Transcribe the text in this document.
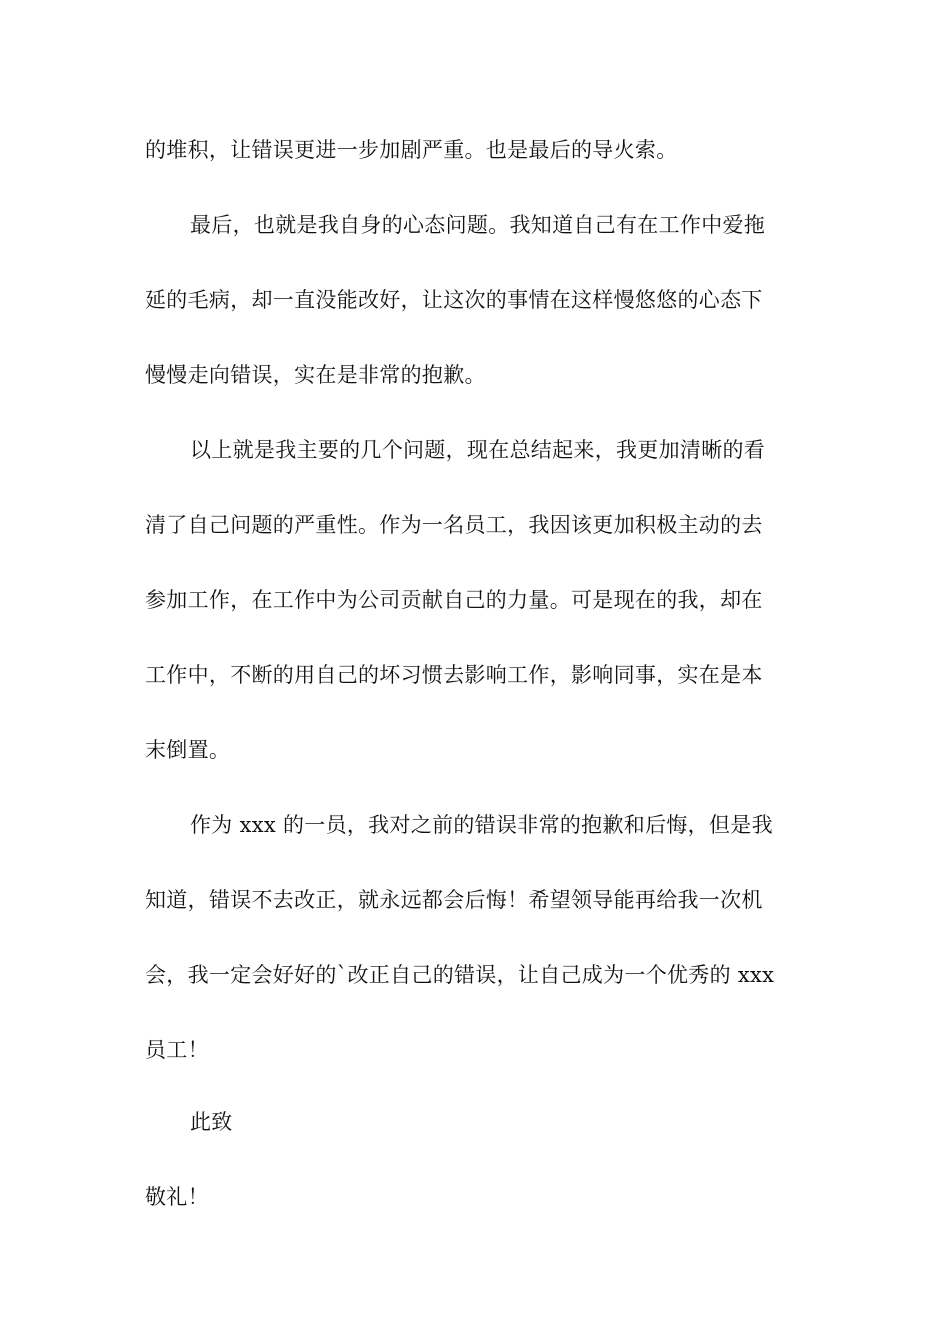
的堆积，让错误更进一步加剧严重。也是最后的导火索。
最后，也就是我自身的心态问题。我知道自己有在工作中爱拖
延的毛病，却一直没能改好，让这次的事情在这样慢悠悠的心态下
慢慢走向错误，实在是非常的抱歉。
以上就是我主要的几个问题，现在总结起来，我更加清晰的看
清了自己问题的严重性。作为一名员工，我因该更加积极主动的去
参加工作，在工作中为公司贡献自己的力量。可是现在的我，却在
工作中，不断的用自己的坏习惯去影响工作，影响同事，实在是本
末倒置。
作为 xxx 的一员，我对之前的错误非常的抱歉和后悔，但是我
知道，错误不去改正，就永远都会后悔！希望领导能再给我一次机
会，我一定会好好的`改正自己的错误，让自己成为一个优秀的 xxx
员工！
此致
敬礼！
